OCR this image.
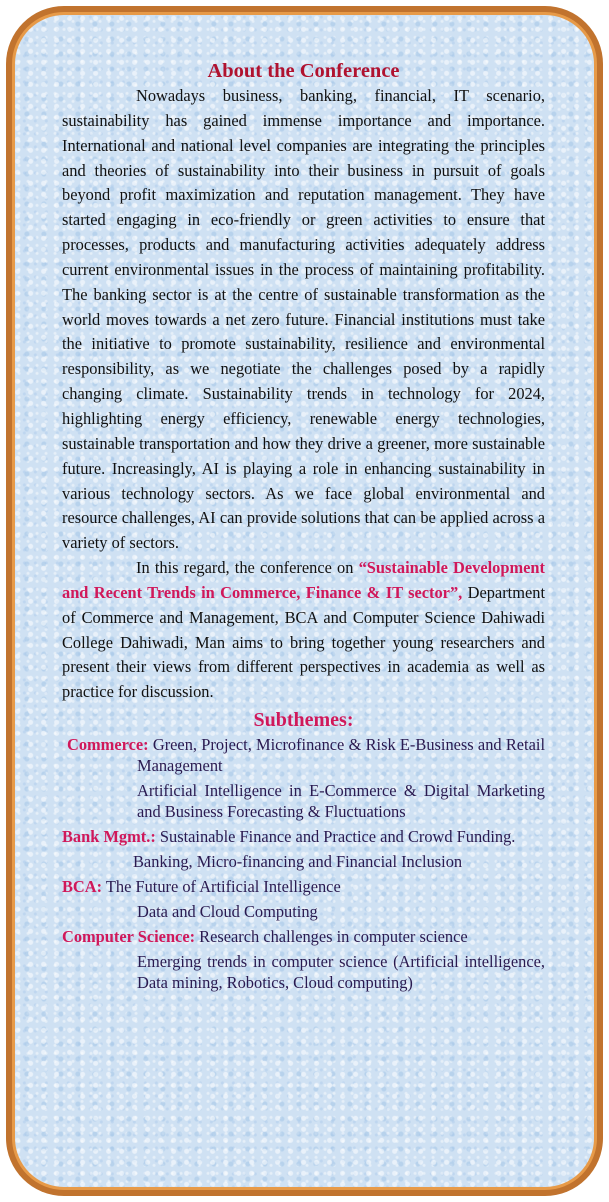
About the Conference

Nowadays business, banking, financial, IT scenario, sustainability has gained immense importance and importance. International and national level companies are integrating the principles and theories of sustainability into their business in pursuit of goals beyond profit maximization and reputation management. They have started engaging in eco-friendly or green activities to ensure that processes, products and manufacturing activities adequately address current environmental issues in the process of maintaining profitability. The banking sector is at the centre of sustainable transformation as the world moves towards a net zero future. Financial institutions must take the initiative to promote sustainability, resilience and environmental responsibility, as we negotiate the challenges posed by a rapidly changing climate. Sustainability trends in technology for 2024, highlighting energy efficiency, renewable energy technologies, sustainable transportation and how they drive a greener, more sustainable future. Increasingly, AI is playing a role in enhancing sustainability in various technology sectors. As we face global environmental and resource challenges, AI can provide solutions that can be applied across a variety of sectors.

In this regard, the conference on “Sustainable Development and Recent Trends in Commerce, Finance & IT sector”, Department of Commerce and Management, BCA and Computer Science Dahiwadi College Dahiwadi, Man aims to bring together young researchers and present their views from different perspectives in academia as well as practice for discussion.

Subthemes:

Commerce: Green, Project, Microfinance & Risk E-Business and Retail Management

Artificial Intelligence in E-Commerce & Digital Marketing and Business Forecasting & Fluctuations

Bank Mgmt.: Sustainable Finance and Practice and Crowd Funding.

Banking, Micro-financing and Financial Inclusion

BCA: The Future of Artificial Intelligence

Data and Cloud Computing

Computer Science: Research challenges in computer science

Emerging trends in computer science (Artificial intelligence, Data mining, Robotics, Cloud computing)
